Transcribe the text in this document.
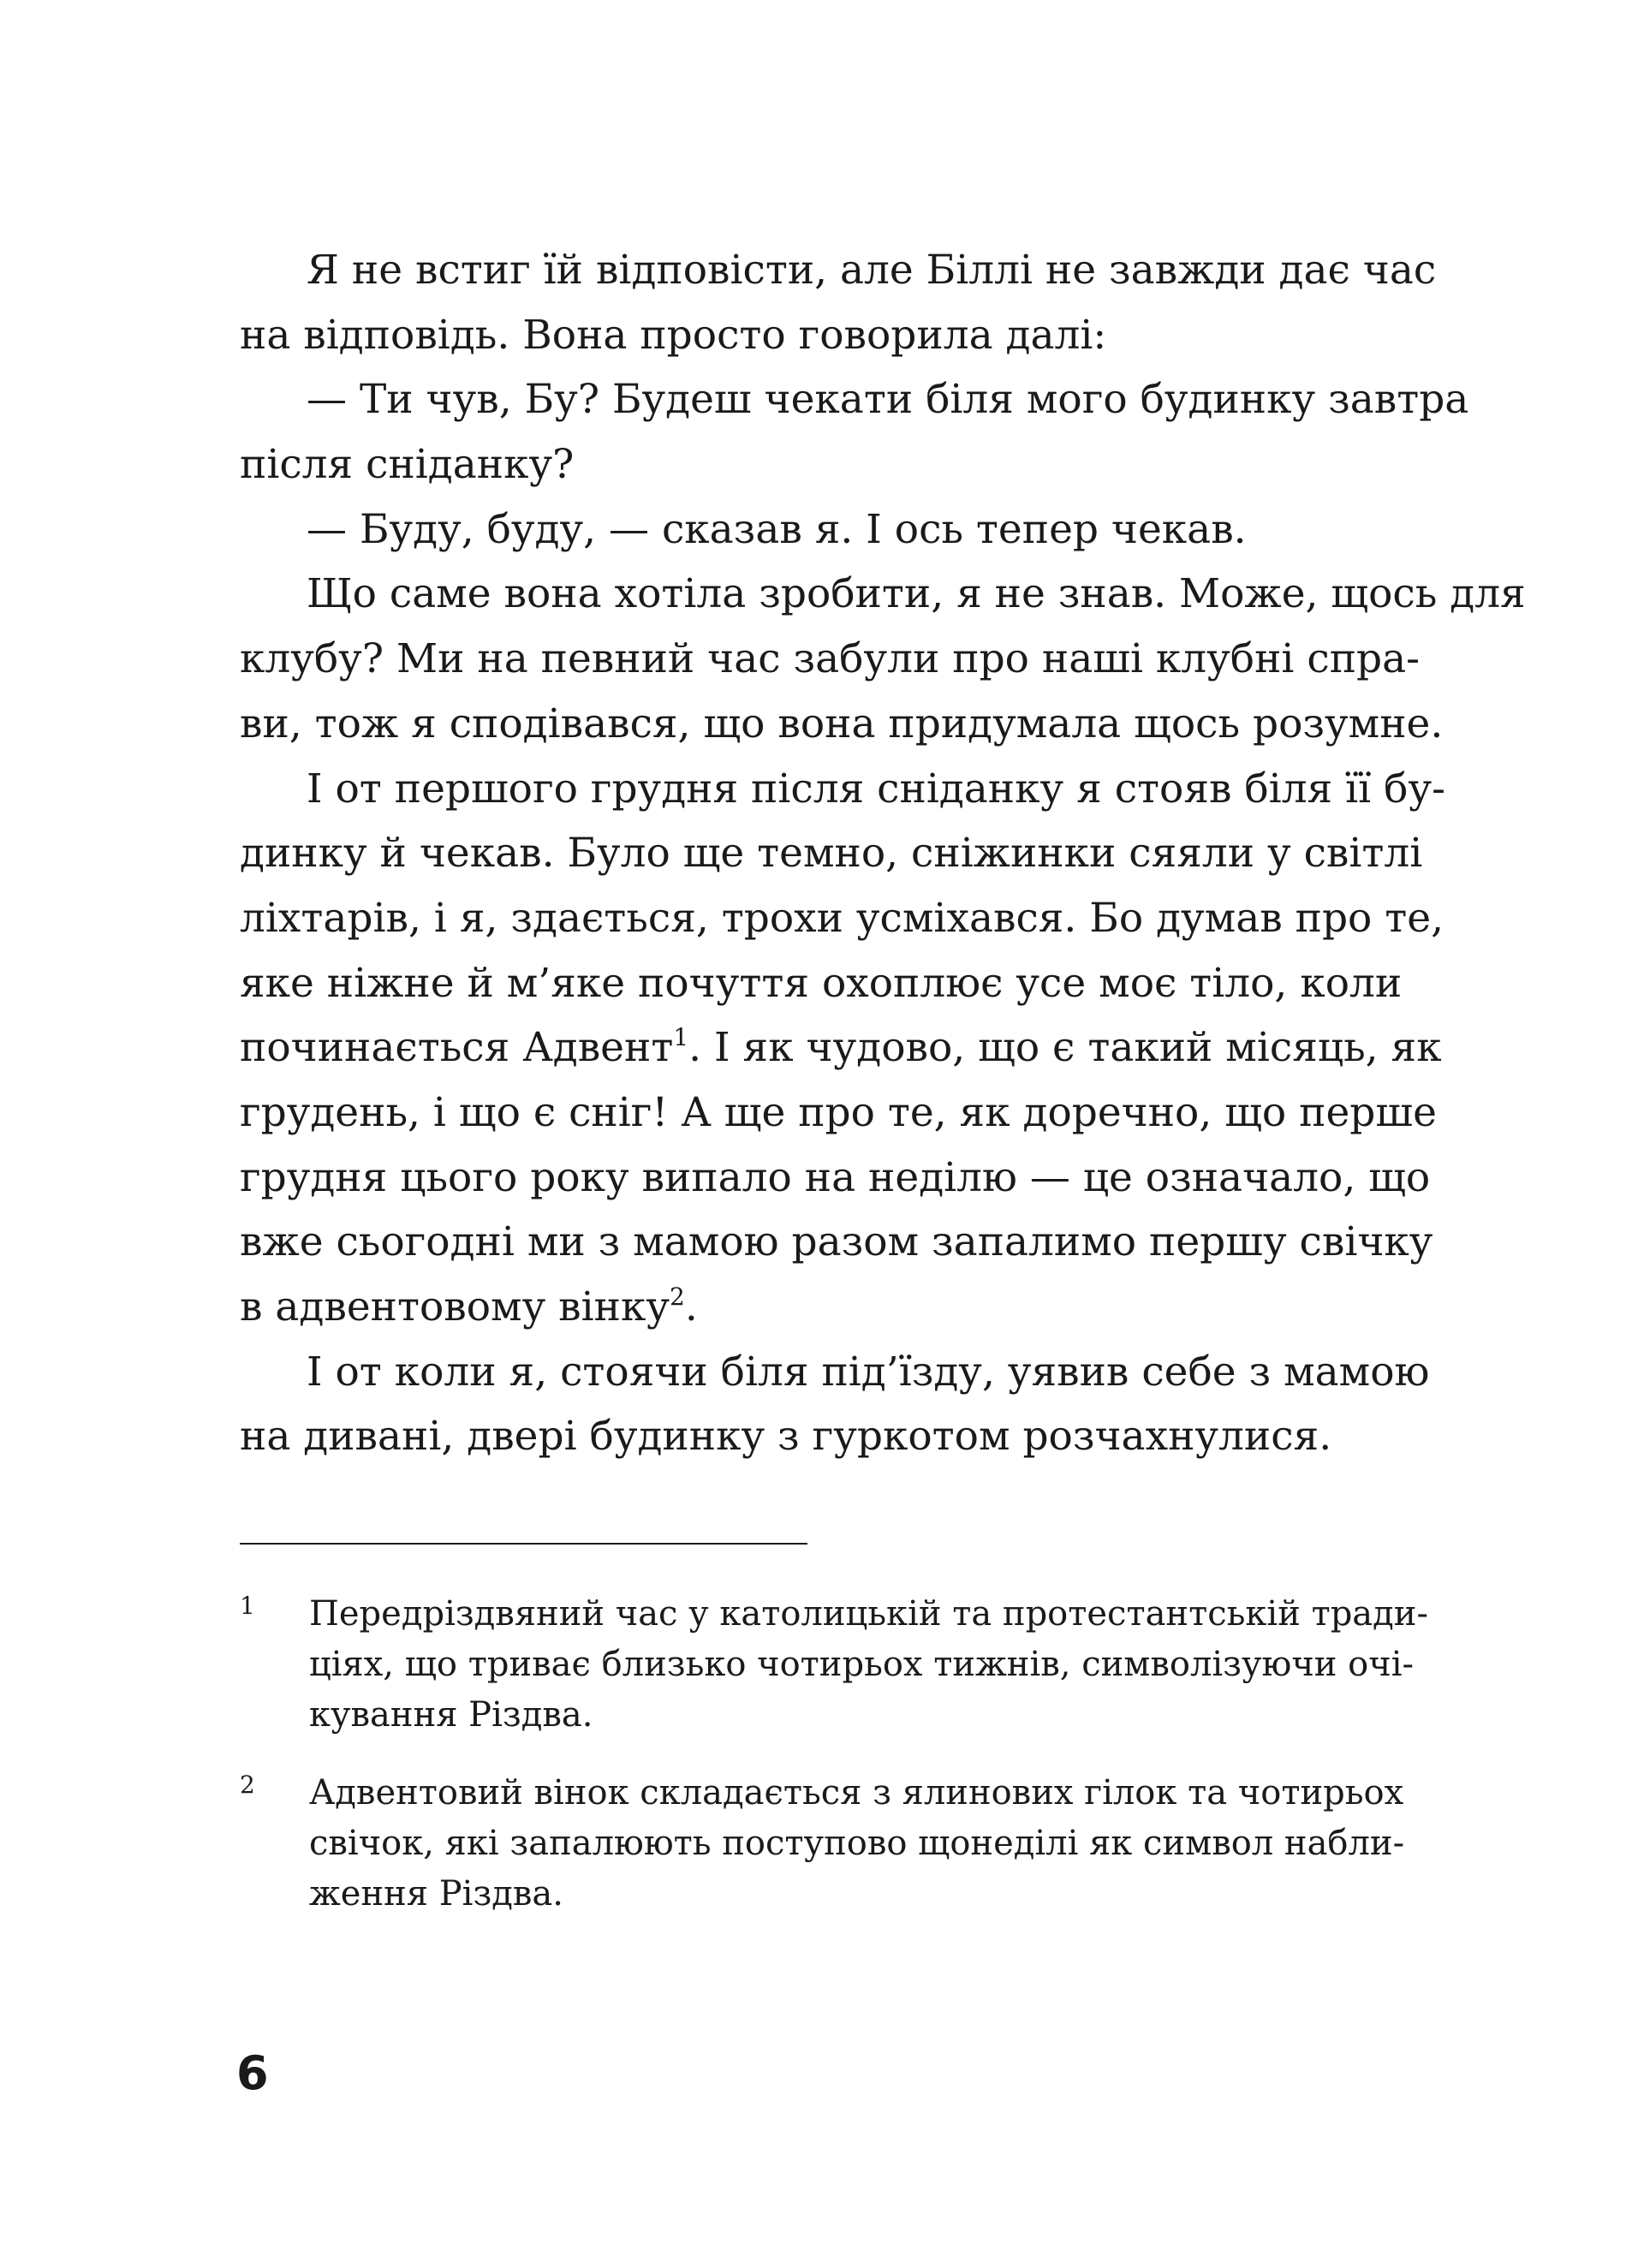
Я не встиг їй відповісти, але Біллі не завжди дає час
на відповідь. Вона просто говорила далі:
— Ти чув, Бу? Будеш чекати біля мого будинку завтра
після сніданку?
— Буду, буду, — сказав я. І ось тепер чекав.
Що саме вона хотіла зробити, я не знав. Може, щось для
клубу? Ми на певний час забули про наші клубні спра-
ви, тож я сподівався, що вона придумала щось розумне.
І от першого грудня після сніданку я стояв біля її бу-
динку й чекав. Було ще темно, сніжинки сяяли у світлі
ліхтарів, і я, здається, трохи усміхався. Бо думав про те,
яке ніжне й м’яке почуття охоплює усе моє тіло, коли
починається Адвент$^1$. І як чудово, що є такий місяць, як
грудень, і що є сніг! А ще про те, як доречно, що перше
грудня цього року випало на неділю — це означало, що
вже сьогодні ми з мамою разом запалимо першу свічку
в адвентовому вінку$^2$.
І от коли я, стоячи біля під’їзду, уявив себе з мамою
на дивані, двері будинку з гуркотом розчахнулися.
1 Передріздвяний час у католицькій та протестантській тради-
ціях, що триває близько чотирьох тижнів, символізуючи очі-
кування Різдва.
2 Адвентовий вінок складається з ялинових гілок та чотирьох
свічок, які запалюють поступово щонеділі як символ набли-
ження Різдва.
6
